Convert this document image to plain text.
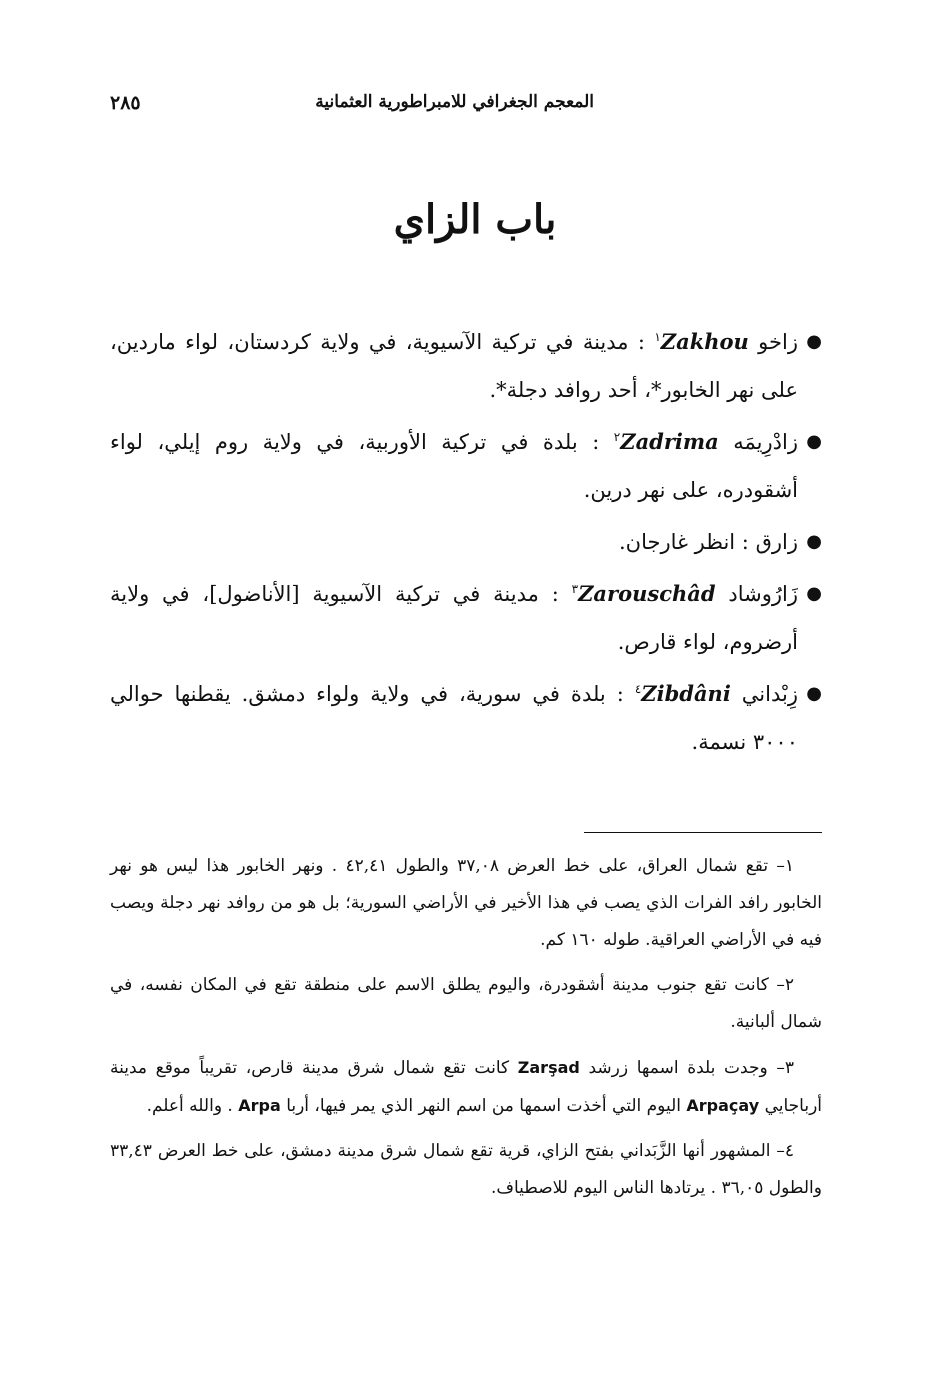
المعجم الجغرافي للامبراطورية العثمانية
٢٨٥
باب الزاي
●
زاخو Zakhou$^١$ : مدينة في تركية الآسيوية، في ولاية كردستان، لواء ماردين، على نهر الخابور*، أحد روافد دجلة*.
●
زادْرِيمَه Zadrima$^٢$ : بلدة في تركية الأوربية، في ولاية روم إيلي، لواء أشقودره، على نهر درين.
●
زارق : انظر غارجان.
●
زَارُوشاد Zarouschâd$^٣$ : مدينة في تركية الآسيوية [الأناضول]، في ولاية أرضروم، لواء قارص.
●
زِبْداني Zibdâni$^٤$ : بلدة في سورية، في ولاية ولواء دمشق. يقطنها حوالي ٣٠٠٠ نسمة.

١– تقع شمال العراق، على خط العرض ٣٧,٠٨ والطول ٤٢,٤١ . ونهر الخابور هذا ليس هو نهر الخابور رافد الفرات الذي يصب في هذا الأخير في الأراضي السورية؛ بل هو من روافد نهر دجلة ويصب فيه في الأراضي العراقية. طوله ١٦٠ كم.

٢– كانت تقع جنوب مدينة أشقودرة، واليوم يطلق الاسم على منطقة تقع في المكان نفسه، في شمال ألبانية.

٣– وجدت بلدة اسمها زرشد Zarşad كانت تقع شمال شرق مدينة قارص، تقريباً موقع مدينة أرباجايي Arpaçay اليوم التي أخذت اسمها من اسم النهر الذي يمر فيها، أربا Arpa . والله أعلم.

٤– المشهور أنها الزَّبَداني بفتح الزاي، قرية تقع شمال شرق مدينة دمشق، على خط العرض ٣٣,٤٣ والطول ٣٦,٠٥ . يرتادها الناس اليوم للاصطياف.
